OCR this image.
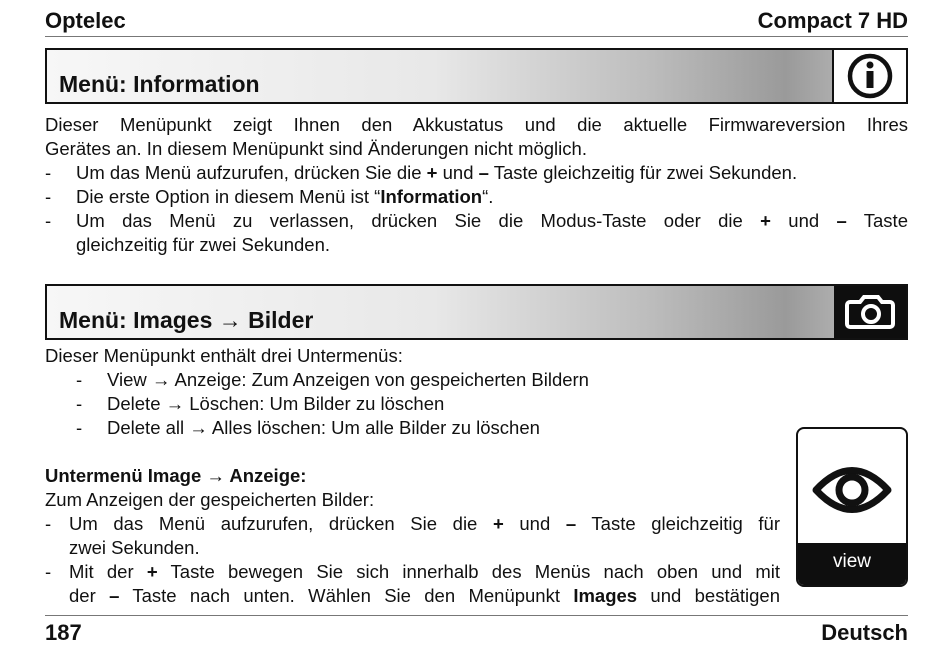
Optelec	Compact 7 HD
Menü: Information
Dieser Menüpunkt zeigt Ihnen den Akkustatus und die aktuelle Firmwareversion Ihres
Gerätes an. In diesem Menüpunkt sind Änderungen nicht möglich.
- Um das Menü aufzurufen, drücken Sie die + und – Taste gleichzeitig für zwei Sekunden.
- Die erste Option in diesem Menü ist “Information“.
- Um das Menü zu verlassen, drücken Sie die Modus-Taste oder die + und – Taste
gleichzeitig für zwei Sekunden.
Menü: Images → Bilder
Dieser Menüpunkt enthält drei Untermenüs:
- View → Anzeige: Zum Anzeigen von gespeicherten Bildern
- Delete → Löschen: Um Bilder zu löschen
- Delete all → Alles löschen: Um alle Bilder zu löschen
Untermenü Image → Anzeige:
Zum Anzeigen der gespeicherten Bilder:
- Um das Menü aufzurufen, drücken Sie die + und – Taste gleichzeitig für
zwei Sekunden.
- Mit der + Taste bewegen Sie sich innerhalb des Menüs nach oben und mit
der – Taste nach unten. Wählen Sie den Menüpunkt Images und bestätigen
view
187	Deutsch
